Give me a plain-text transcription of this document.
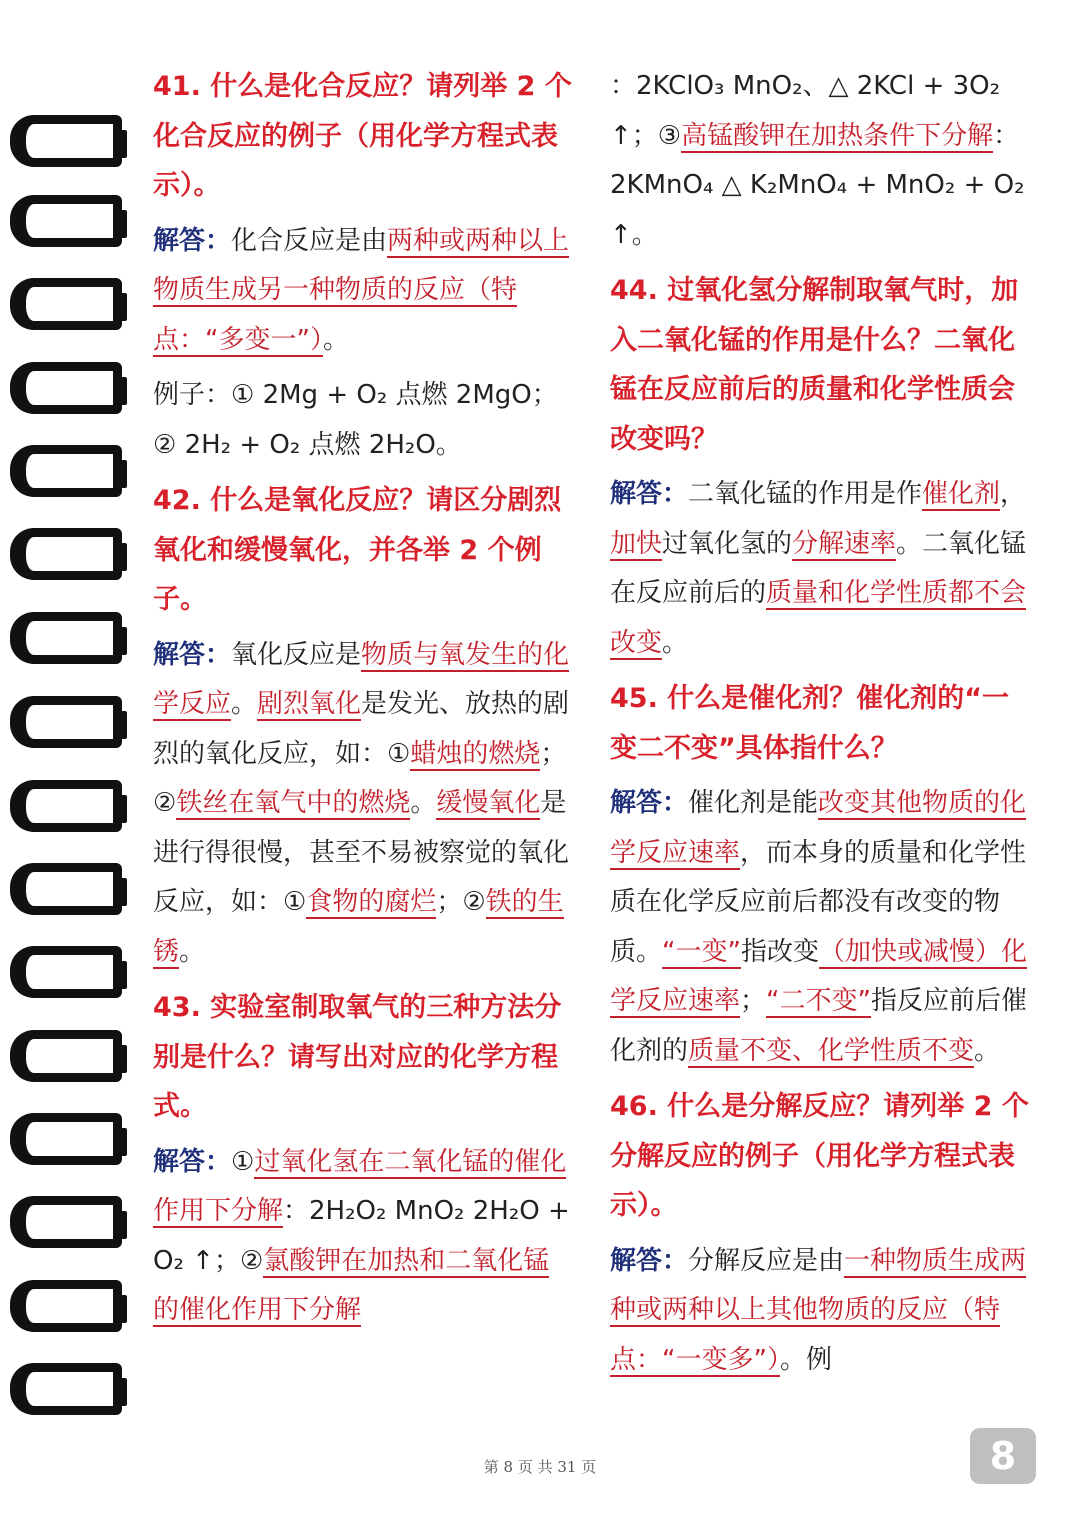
41. 什么是化合反应？请列举 2 个化合反应的例子（用化学方程式表示）。
解答：化合反应是由两种或两种以上物质生成另一种物质的反应（特点：“多变一”）。
例子：① 2Mg + O₂ 点燃 2MgO；② 2H₂ + O₂ 点燃 2H₂O。
42. 什么是氧化反应？请区分剧烈氧化和缓慢氧化，并各举 2 个例子。
解答：氧化反应是物质与氧发生的化学反应。剧烈氧化是发光、放热的剧烈的氧化反应，如：①蜡烛的燃烧；②铁丝在氧气中的燃烧。缓慢氧化是进行得很慢，甚至不易被察觉的氧化反应，如：①食物的腐烂；②铁的生锈。
43. 实验室制取氧气的三种方法分别是什么？请写出对应的化学方程式。
解答：①过氧化氢在二氧化锰的催化作用下分解：2H₂O₂ MnO₂ 2H₂O + O₂ ↑；②氯酸钾在加热和二氧化锰的催化作用下分解
：2KClO₃ MnO₂、△ 2KCl + 3O₂ ↑；③高锰酸钾在加热条件下分解：2KMnO₄ △ K₂MnO₄ + MnO₂ + O₂ ↑。
44. 过氧化氢分解制取氧气时，加入二氧化锰的作用是什么？二氧化锰在反应前后的质量和化学性质会改变吗？
解答：二氧化锰的作用是作催化剂，加快过氧化氢的分解速率。二氧化锰在反应前后的质量和化学性质都不会改变。
45. 什么是催化剂？催化剂的“一变二不变”具体指什么？
解答：催化剂是能改变其他物质的化学反应速率，而本身的质量和化学性质在化学反应前后都没有改变的物质。“一变”指改变（加快或减慢）化学反应速率；“二不变”指反应前后催化剂的质量不变、化学性质不变。
46. 什么是分解反应？请列举 2 个分解反应的例子（用化学方程式表示）。
解答：分解反应是由一种物质生成两种或两种以上其他物质的反应（特点：“一变多”）。例
第 8 页 共 31 页	8
